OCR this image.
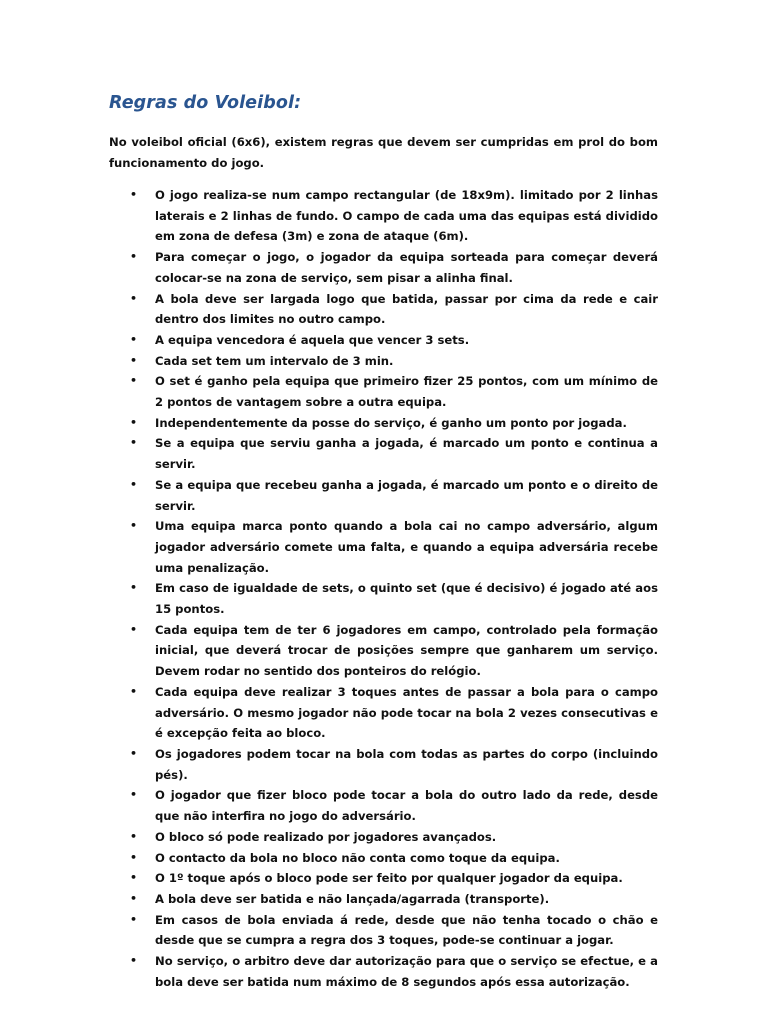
Regras do Voleibol:

No voleibol oficial (6x6), existem regras que devem ser cumpridas em prol do bom funcionamento do jogo.

• O jogo realiza-se num campo rectangular (de 18x9m). limitado por 2 linhas laterais e 2 linhas de fundo. O campo de cada uma das equipas está dividido em zona de defesa (3m) e zona de ataque (6m).
• Para começar o jogo, o jogador da equipa sorteada para começar deverá colocar-se na zona de serviço, sem pisar a alinha final.
• A bola deve ser largada logo que batida, passar por cima da rede e cair dentro dos limites no outro campo.
• A equipa vencedora é aquela que vencer 3 sets.
• Cada set tem um intervalo de 3 min.
• O set é ganho pela equipa que primeiro fizer 25 pontos, com um mínimo de 2 pontos de vantagem sobre a outra equipa.
• Independentemente da posse do serviço, é ganho um ponto por jogada.
• Se a equipa que serviu ganha a jogada, é marcado um ponto e continua a servir.
• Se a equipa que recebeu ganha a jogada, é marcado um ponto e o direito de servir.
• Uma equipa marca ponto quando a bola cai no campo adversário, algum jogador adversário comete uma falta, e quando a equipa adversária recebe uma penalização.
• Em caso de igualdade de sets, o quinto set (que é decisivo) é jogado até aos 15 pontos.
• Cada equipa tem de ter 6 jogadores em campo, controlado pela formação inicial, que deverá trocar de posições sempre que ganharem um serviço. Devem rodar no sentido dos ponteiros do relógio.
• Cada equipa deve realizar 3 toques antes de passar a bola para o campo adversário. O mesmo jogador não pode tocar na bola 2 vezes consecutivas e é excepção feita ao bloco.
• Os jogadores podem tocar na bola com todas as partes do corpo (incluindo pés).
• O jogador que fizer bloco pode tocar a bola do outro lado da rede, desde que não interfira no jogo do adversário.
• O bloco só pode realizado por jogadores avançados.
• O contacto da bola no bloco não conta como toque da equipa.
• O 1º toque após o bloco pode ser feito por qualquer jogador da equipa.
• A bola deve ser batida e não lançada/agarrada (transporte).
• Em casos de bola enviada á rede, desde que não tenha tocado o chão e desde que se cumpra a regra dos 3 toques, pode-se continuar a jogar.
• No serviço, o arbitro deve dar autorização para que o serviço se efectue, e a bola deve ser batida num máximo de 8 segundos após essa autorização.
